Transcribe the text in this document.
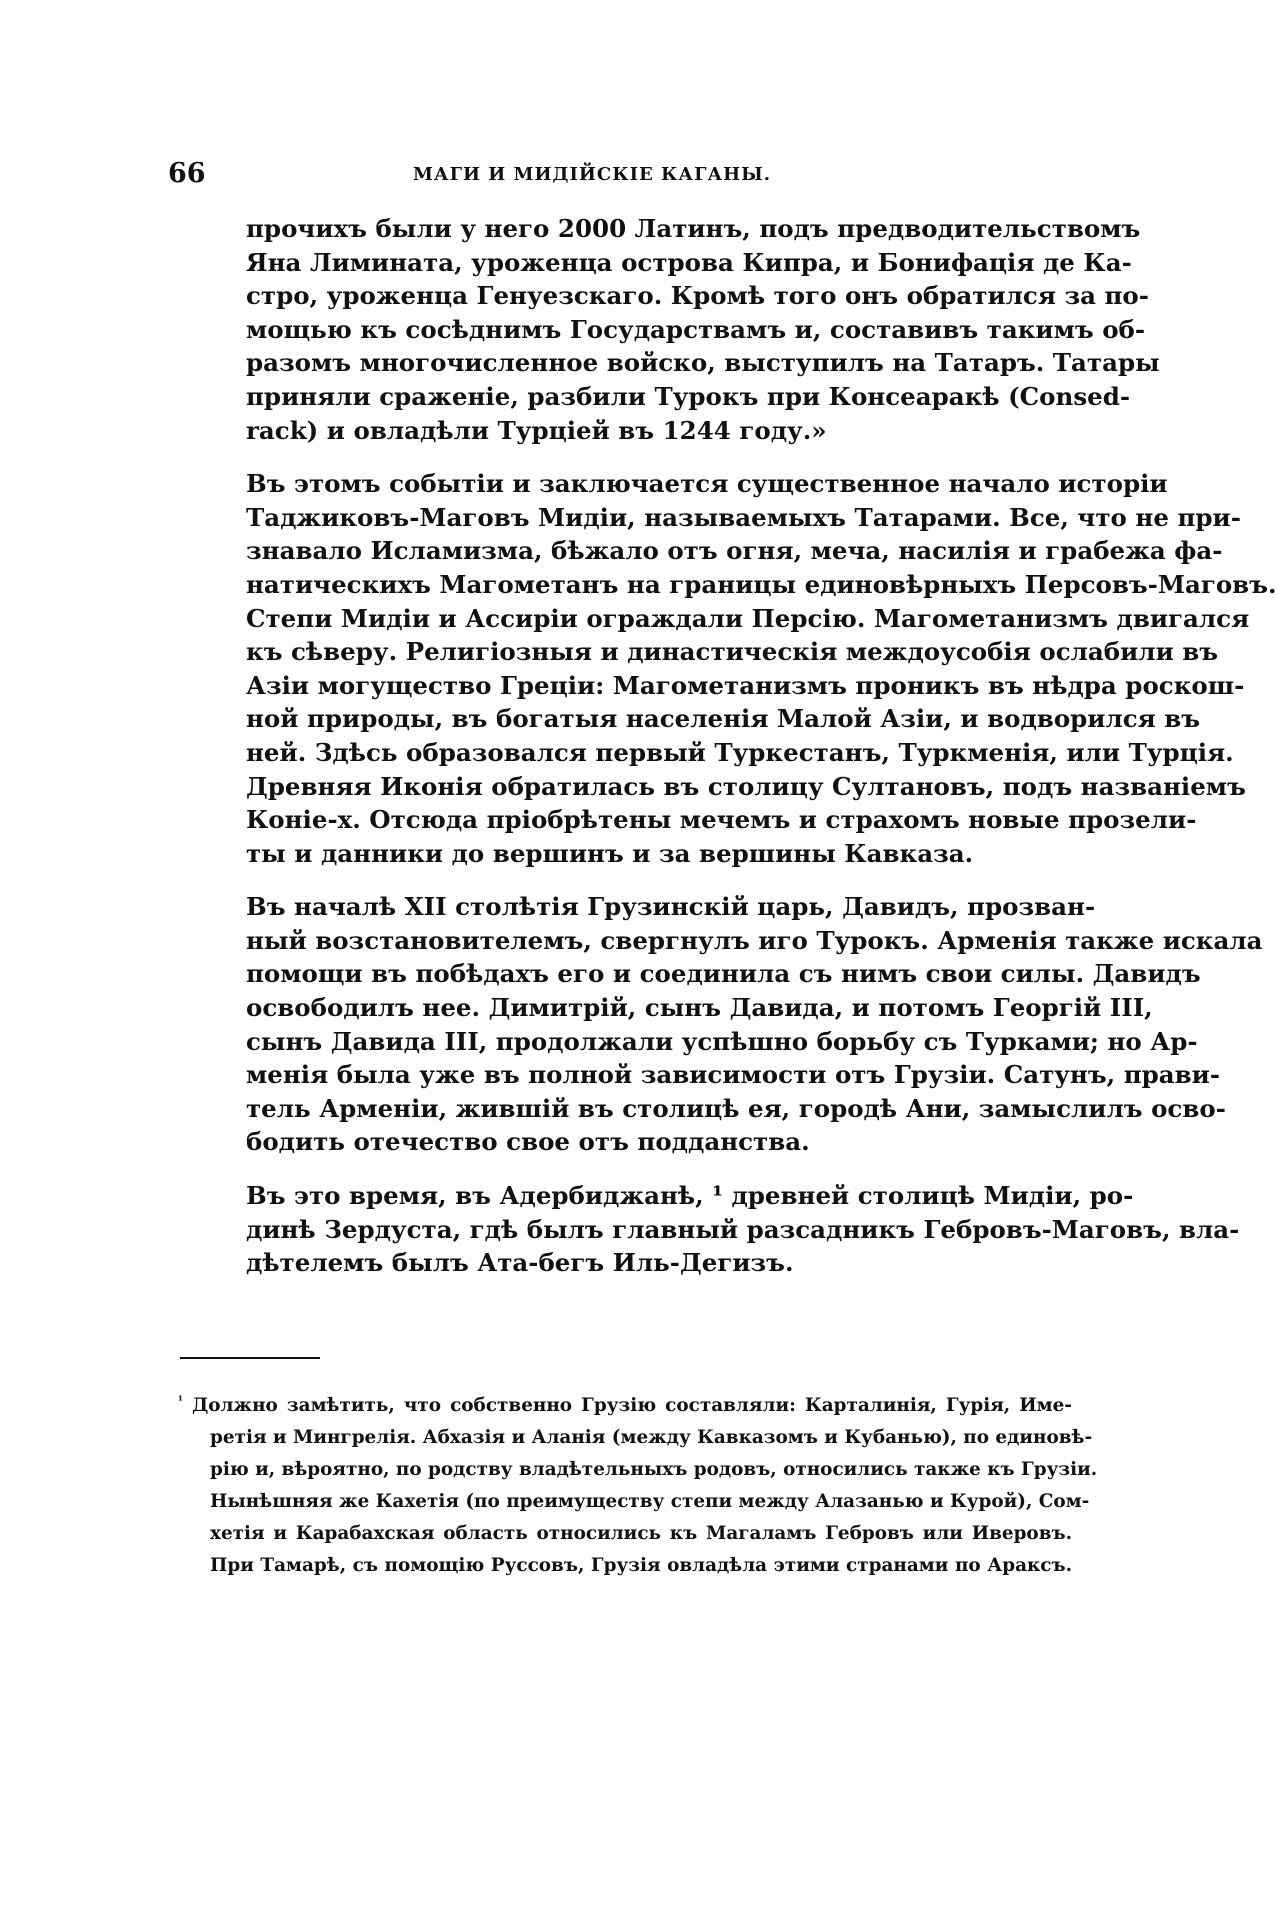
66	МАГИ И МИДІЙСКІЕ КАГАНЫ.
прочихъ были у него 2000 Латинъ, подъ предводительствомъ
Яна Лимината, уроженца острова Кипра, и Бонифація де Ка-
стро, уроженца Генуезскаго. Кромѣ того онъ обратился за по-
мощью къ сосѣднимъ Государствамъ и, составивъ такимъ об-
разомъ многочисленное войско, выступилъ на Татаръ. Татары
приняли сраженіе, разбили Турокъ при Консеаракѣ (Consed-
rack) и овладѣли Турціей въ 1244 году.»
Въ этомъ событіи и заключается существенное начало исторіи
Таджиковъ-Маговъ Мидіи, называемыхъ Татарами. Все, что не при-
знавало Исламизма, бѣжало отъ огня, меча, насилія и грабежа фа-
натическихъ Магометанъ на границы единовѣрныхъ Персовъ-Маговъ.
Степи Мидіи и Ассиріи ограждали Персію. Магометанизмъ двигался
къ сѣверу. Религіозныя и династическія междоусобія ослабили въ
Азіи могущество Греціи: Магометанизмъ проникъ въ нѣдра роскош-
ной природы, въ богатыя населенія Малой Азіи, и водворился въ
ней. Здѣсь образовался первый Туркестанъ, Туркменія, или Турція.
Древняя Иконія обратилась въ столицу Султановъ, подъ названіемъ
Коніе-х. Отсюда пріобрѣтены мечемъ и страхомъ новые прозели-
ты и данники до вершинъ и за вершины Кавказа.
Въ началѣ XII столѣтія Грузинскій царь, Давидъ, прозван-
ный возстановителемъ, свергнулъ иго Турокъ. Арменія также искала
помощи въ побѣдахъ его и соединила съ нимъ свои силы. Давидъ
освободилъ нее. Димитрій, сынъ Давида, и потомъ Георгій III,
сынъ Давида III, продолжали успѣшно борьбу съ Турками; но Ар-
менія была уже въ полной зависимости отъ Грузіи. Сатунъ, прави-
тель Арменіи, жившій въ столицѣ ея, городѣ Ани, замыслилъ осво-
бодить отечество свое отъ подданства.
Въ это время, въ Адербиджанѣ, ¹ древней столицѣ Мидіи, ро-
динѣ Зердуста, гдѣ былъ главный разсадникъ Гебровъ-Маговъ, вла-
дѣтелемъ былъ Ата-бегъ Иль-Дегизъ.
$^{^1}$ Должно замѣтить, что собственно Грузію составляли: Карталинія, Гурія, Име-
ретія и Мингрелія. Абхазія и Аланія (между Кавказомъ и Кубанью), по единовѣ-
рію и, вѣроятно, по родству владѣтельныхъ родовъ, относились также къ Грузіи.
Нынѣшняя же Кахетія (по преимуществу степи между Алазанью и Курой), Сом-
хетія и Карабахская область относились къ Магаламъ Гебровъ или Иверовъ.
При Тамарѣ, съ помощію Руссовъ, Грузія овладѣла этими странами по Араксъ.
